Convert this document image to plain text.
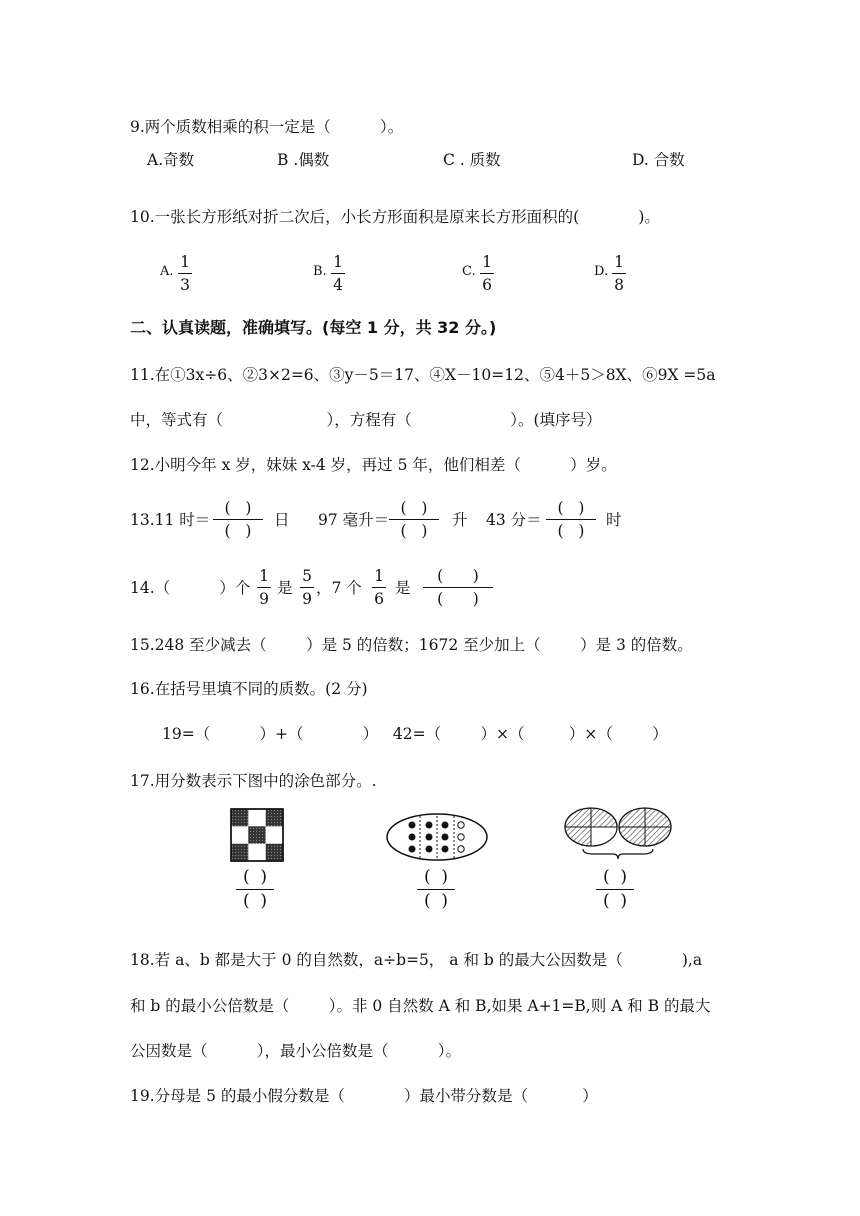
9.两个质数相乘的积一定是（          ）。
A.奇数	B .偶数	C . 质数	D. 合数
10.一张长方形纸对折二次后，小长方形面积是原来长方形面积的(            )。
A.
1
3
B.
1
4
C.
1
6
D.
1
8
二、认真读题，准确填写。(每空 1 分，共 32 分。)
11.在①3x÷6、②3×2=6、③y－5＝17、④X－10=12、⑤4＋5＞8X、⑥9X =5a
中，等式有（                     ），方程有（                    ）。(填序号）
12.小明今年 x 岁，妹妹 x-4 岁，再过 5 年，他们相差（          ）岁。
13.11 时＝
(   )
(   )
日 97 毫升＝
(   )
(   )
升 43 分＝
(   )
(   )
时
14.（          ）个
1
9
是
5
9
，7 个
1
6
是
(      )
(      )
15.248 至少减去（        ）是 5 的倍数；1672 至少加上（        ）是 3 的倍数。
16.在括号里填不同的质数。(2 分)
19=（          ）+（            ）   42=（        ）×（         ）×（        ）
17.用分数表示下图中的涂色部分。.
(  )
(  )
(  )
(  )
(  )
(  )
18.若 a、b 都是大于 0 的自然数，a÷b=5， a 和 b 的最大公因数是（            ),a
和 b 的最小公倍数是（        ）。非 0 自然数 A 和 B,如果 A+1=B,则 A 和 B 的最大
公因数是（          ），最小公倍数是（          ）。
19.分母是 5 的最小假分数是（            ）最小带分数是（           ）
